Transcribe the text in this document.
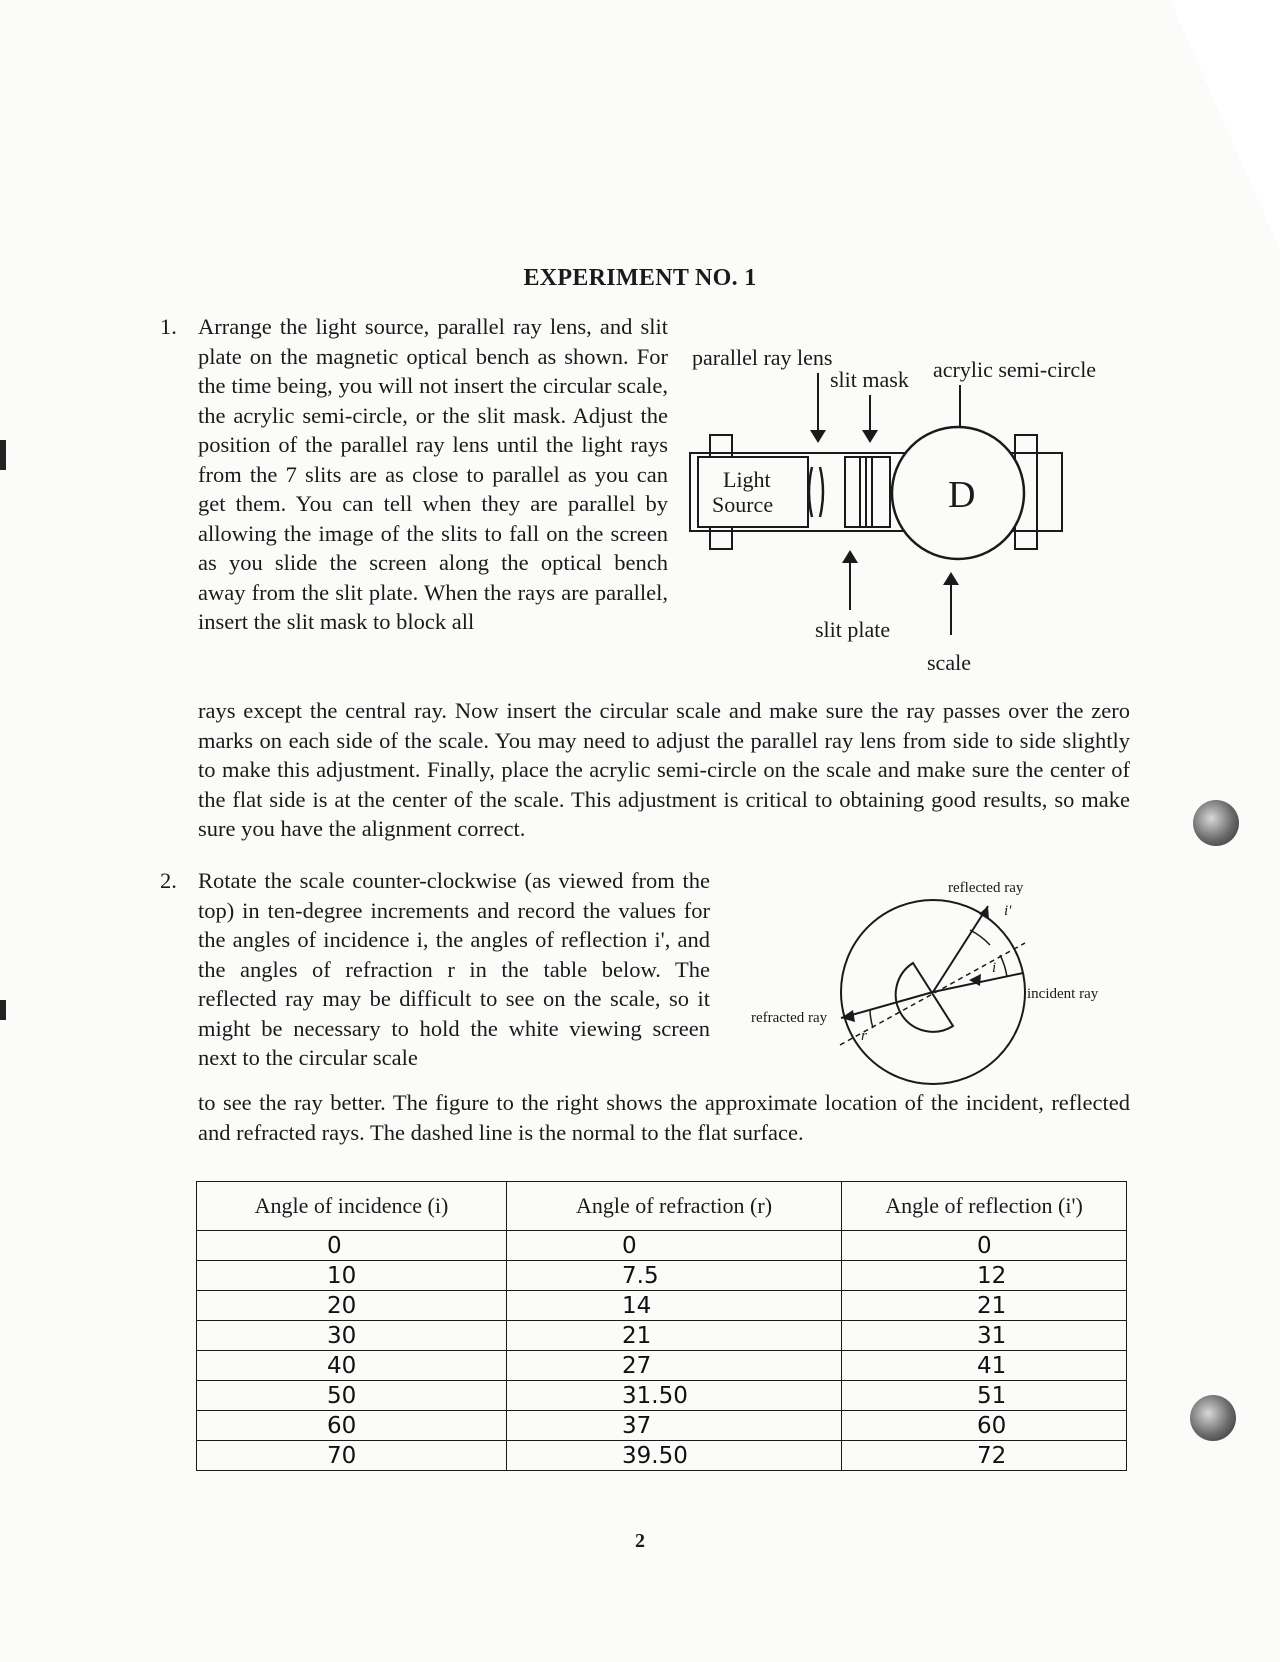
EXPERIMENT NO. 1
1. Arrange the light source, parallel ray lens, and slit plate on the magnetic optical bench as shown. For the time being, you will not insert the circular scale, the acrylic semi-circle, or the slit mask. Adjust the position of the parallel ray lens until the light rays from the 7 slits are as close to parallel as you can get them. You can tell when they are parallel by allowing the image of the slits to fall on the screen as you slide the screen along the optical bench away from the slit plate. When the rays are parallel, insert the slit mask to block all
rays except the central ray. Now insert the circular scale and make sure the ray passes over the zero marks on each side of the scale. You may need to adjust the parallel ray lens from side to side slightly to make this adjustment. Finally, place the acrylic semi-circle on the scale and make sure the center of the flat side is at the center of the scale. This adjustment is critical to obtaining good results, so make sure you have the alignment correct.
parallel ray lens
slit mask acrylic semi-circle
Light
Source	D
slit plate
scale
2. Rotate the scale counter-clockwise (as viewed from the top) in ten-degree increments and record the values for the angles of incidence i, the angles of reflection i', and the angles of refraction r in the table below. The reflected ray may be difficult to see on the scale, so it might be necessary to hold the white viewing screen next to the circular scale
to see the ray better. The figure to the right shows the approximate location of the incident, reflected and refracted rays. The dashed line is the normal to the flat surface.
reflected ray
incident ray
refracted ray
i
i'
r
Angle of incidence (i)	Angle of refraction (r)	Angle of reflection (i')
0	0	0
10	7.5	12
20	14	21
30	21	31
40	27	41
50	31.50	51
60	37	60
70	39.50	72
2
